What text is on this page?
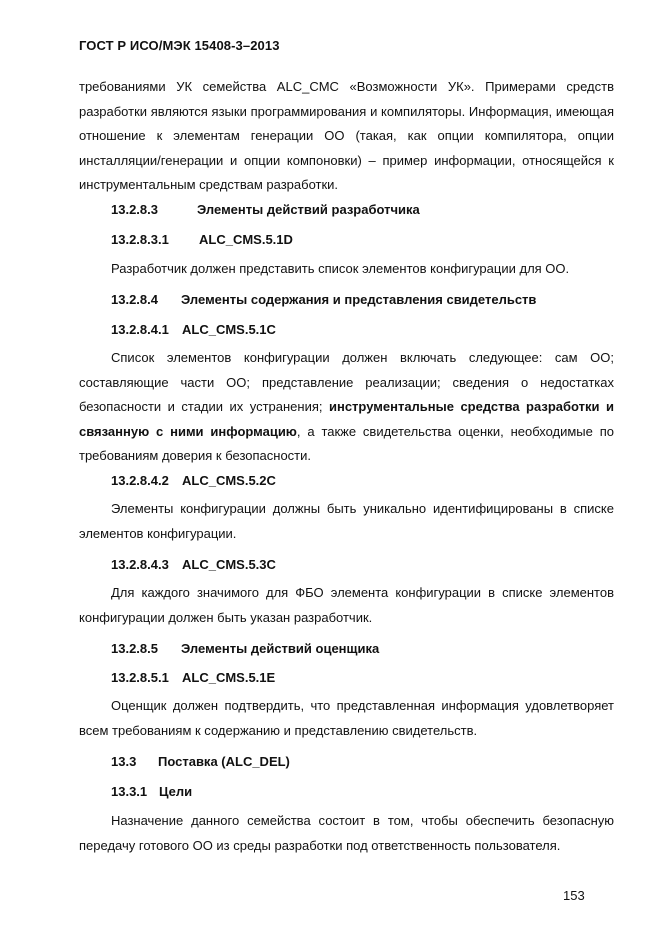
ГОСТ Р ИСО/МЭК 15408-3–2013

требованиями УК семейства ALC_CMC «Возможности УК». Примерами средств разработки являются языки программирования и компиляторы. Информация, имеющая отношение к элементам генерации ОО (такая, как опции компилятора, опции инсталляции/генерации и опции компоновки) – пример информации, относящейся к инструментальным средствам разработки.

13.2.8.3	Элементы действий разработчика
13.2.8.3.1 ALC_CMS.5.1D

Разработчик должен представить список элементов конфигурации для ОО.

13.2.8.4 Элементы содержания и представления свидетельств
13.2.8.4.1 ALC_CMS.5.1C

Список элементов конфигурации должен включать следующее: сам ОО; составляющие части ОО; представление реализации; сведения о недостатках безопасности и стадии их устранения; инструментальные средства разработки и связанную с ними информацию, а также свидетельства оценки, необходимые по требованиям доверия к безопасности.

13.2.8.4.2 ALC_CMS.5.2C

Элементы конфигурации должны быть уникально идентифицированы в списке элементов конфигурации.

13.2.8.4.3 ALC_CMS.5.3C

Для каждого значимого для ФБО элемента конфигурации в списке элементов конфигурации должен быть указан разработчик.

13.2.8.5 Элементы действий оценщика
13.2.8.5.1 ALC_CMS.5.1E

Оценщик должен подтвердить, что представленная информация удовлетворяет всем требованиям к содержанию и представлению свидетельств.

13.3 Поставка (ALC_DEL)
13.3.1 Цели

Назначение данного семейства состоит в том, чтобы обеспечить безопасную передачу готового ОО из среды разработки под ответственность пользователя.

153
